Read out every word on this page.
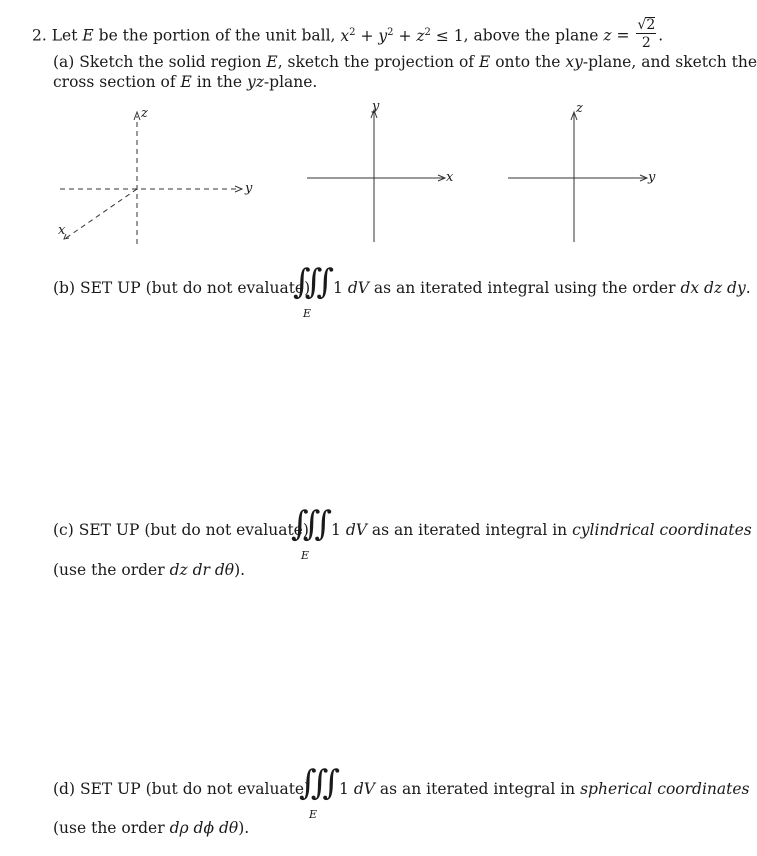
2. Let E be the portion of the unit ball, $x^2 + y^2 + z^2 \le 1$, above the plane $z = \frac{√2}{2}$ .
(a) Sketch the solid region E, sketch the projection of E onto the xy-plane, and sketch the
cross section of E in the yz-plane.
z
y
x
y
x
z
y
(b) SET UP (but do not evaluate)
∫∫∫
E
1 dV as an iterated integral using the order dx dz dy.
(c) SET UP (but do not evaluate)
∫∫∫
E
1 dV as an iterated integral in cylindrical coordinates
(use the order dz dr dθ).
(d) SET UP (but do not evaluate)
∫∫∫
E
1 dV as an iterated integral in spherical coordinates
(use the order dρ dϕ dθ).
